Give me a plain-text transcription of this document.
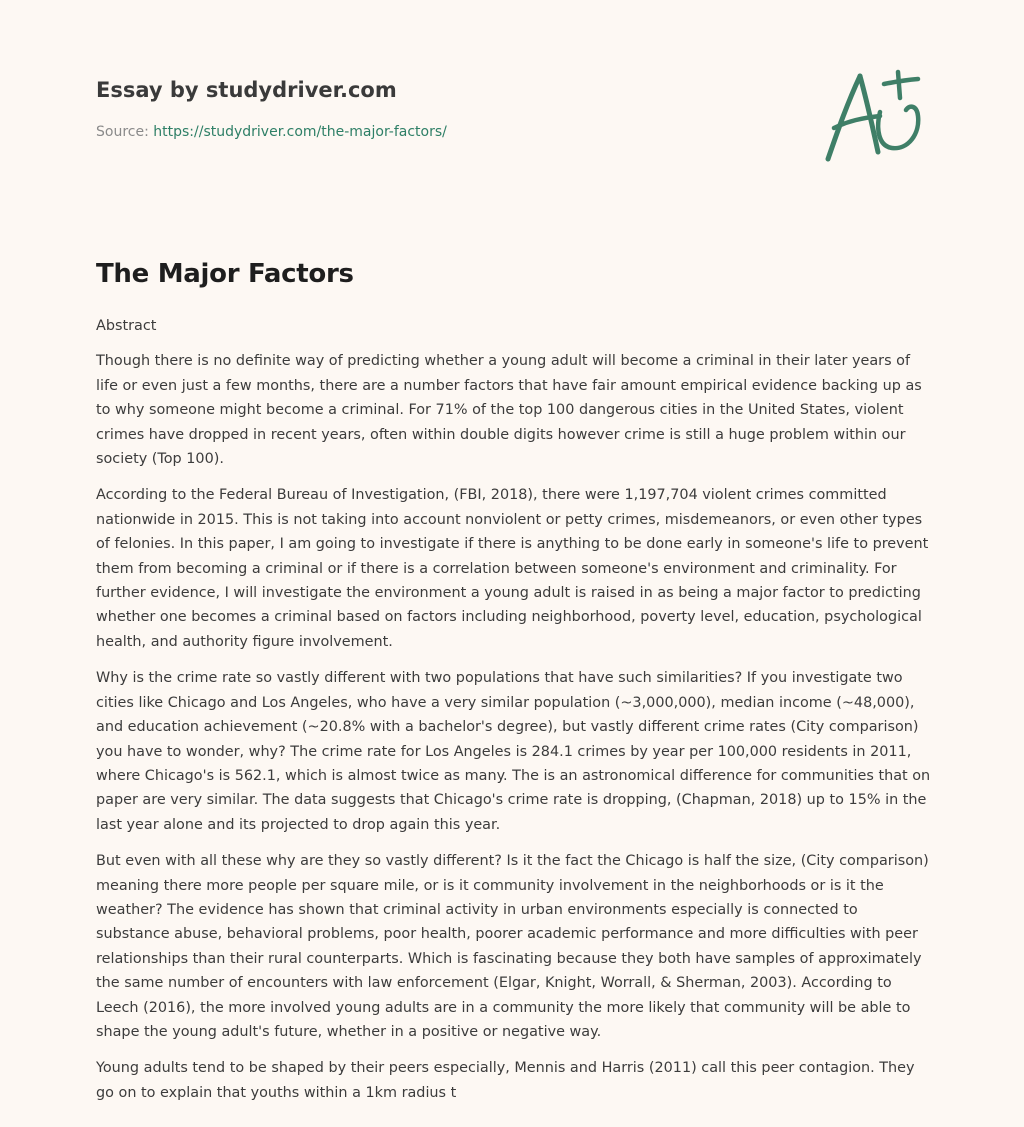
Essay by studydriver.com
Source: https://studydriver.com/the-major-factors/
The Major Factors

Abstract

Though there is no definite way of predicting whether a young adult will become a criminal in their later years of life or even just a few months, there are a number factors that have fair amount empirical evidence backing up as to why someone might become a criminal. For 71% of the top 100 dangerous cities in the United States, violent crimes have dropped in recent years, often within double digits however crime is still a huge problem within our society (Top 100).

According to the Federal Bureau of Investigation, (FBI, 2018), there were 1,197,704 violent crimes committed nationwide in 2015. This is not taking into account nonviolent or petty crimes, misdemeanors, or even other types of felonies. In this paper, I am going to investigate if there is anything to be done early in someone's life to prevent them from becoming a criminal or if there is a correlation between someone's environment and criminality. For further evidence, I will investigate the environment a young adult is raised in as being a major factor to predicting whether one becomes a criminal based on factors including neighborhood, poverty level, education, psychological health, and authority figure involvement.

Why is the crime rate so vastly different with two populations that have such similarities? If you investigate two cities like Chicago and Los Angeles, who have a very similar population (~3,000,000), median income (~48,000), and education achievement (~20.8% with a bachelor's degree), but vastly different crime rates (City comparison) you have to wonder, why? The crime rate for Los Angeles is 284.1 crimes by year per 100,000 residents in 2011, where Chicago's is 562.1, which is almost twice as many. The is an astronomical difference for communities that on paper are very similar. The data suggests that Chicago's crime rate is dropping, (Chapman, 2018) up to 15% in the last year alone and its projected to drop again this year.

But even with all these why are they so vastly different? Is it the fact the Chicago is half the size, (City comparison) meaning there more people per square mile, or is it community involvement in the neighborhoods or is it the weather? The evidence has shown that criminal activity in urban environments especially is connected to substance abuse, behavioral problems, poor health, poorer academic performance and more difficulties with peer relationships than their rural counterparts. Which is fascinating because they both have samples of approximately the same number of encounters with law enforcement (Elgar, Knight, Worrall, & Sherman, 2003). According to Leech (2016), the more involved young adults are in a community the more likely that community will be able to shape the young adult's future, whether in a positive or negative way.

Young adults tend to be shaped by their peers especially, Mennis and Harris (2011) call this peer contagion. They go on to explain that youths within a 1km radius t
